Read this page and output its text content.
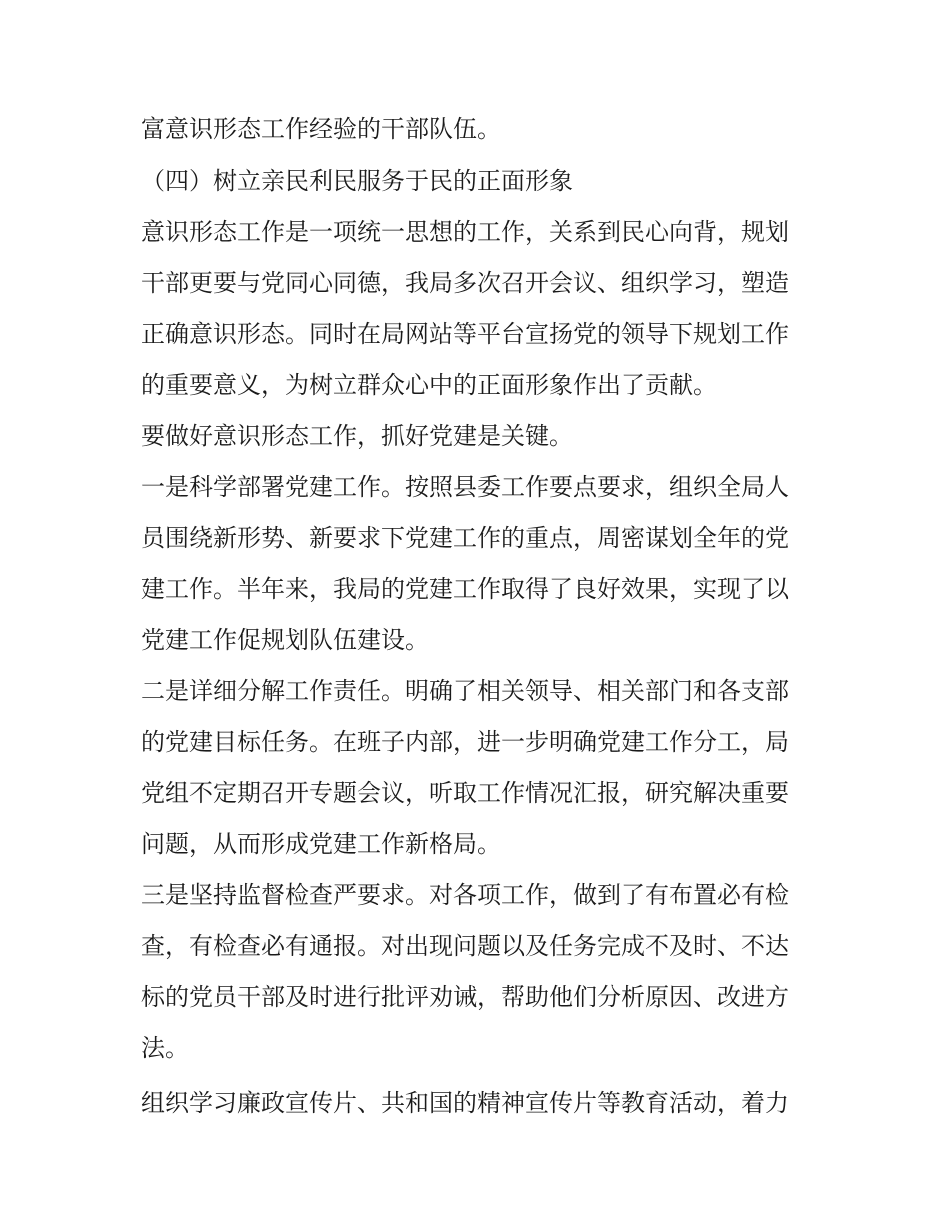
富意识形态工作经验的干部队伍。
（四）树立亲民利民服务于民的正面形象
意识形态工作是一项统一思想的工作，关系到民心向背，规划
干部更要与党同心同德，我局多次召开会议、组织学习，塑造
正确意识形态。同时在局网站等平台宣扬党的领导下规划工作
的重要意义，为树立群众心中的正面形象作出了贡献。
要做好意识形态工作，抓好党建是关键。
一是科学部署党建工作。按照县委工作要点要求，组织全局人
员围绕新形势、新要求下党建工作的重点，周密谋划全年的党
建工作。半年来，我局的党建工作取得了良好效果，实现了以
党建工作促规划队伍建设。
二是详细分解工作责任。明确了相关领导、相关部门和各支部
的党建目标任务。在班子内部，进一步明确党建工作分工，局
党组不定期召开专题会议，听取工作情况汇报，研究解决重要
问题，从而形成党建工作新格局。
三是坚持监督检查严要求。对各项工作，做到了有布置必有检
查，有检查必有通报。对出现问题以及任务完成不及时、不达
标的党员干部及时进行批评劝诫，帮助他们分析原因、改进方
法。
组织学习廉政宣传片、共和国的精神宣传片等教育活动，着力
